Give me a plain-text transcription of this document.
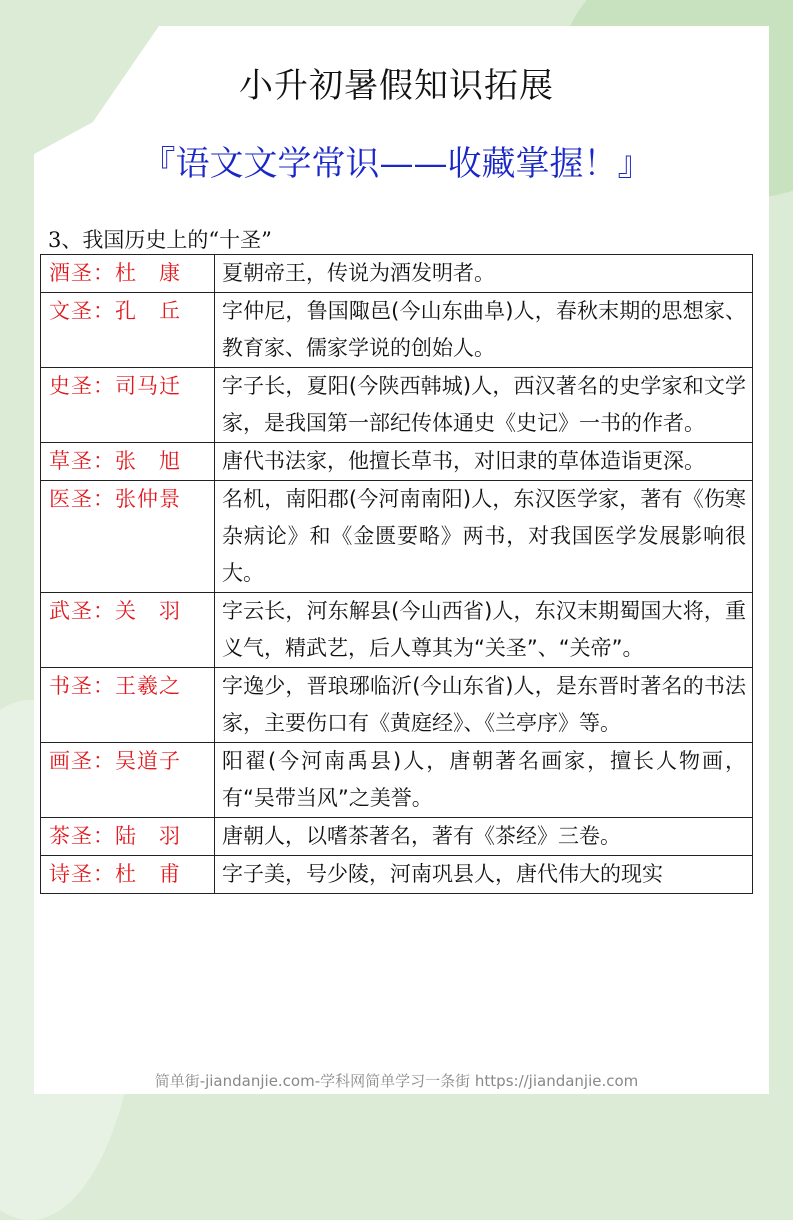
小升初暑假知识拓展
『语文文学常识——收藏掌握！』
3、我国历史上的“十圣”
酒圣：杜　康	夏朝帝王，传说为酒发明者。
文圣：孔　丘	字仲尼，鲁国陬邑(今山东曲阜)人，春秋末期的思想家、教育家、儒家学说的创始人。
史圣：司马迁	字子长，夏阳(今陕西韩城)人，西汉著名的史学家和文学家，是我国第一部纪传体通史《史记》一书的作者。
草圣：张　旭	唐代书法家，他擅长草书，对旧隶的草体造诣更深。
医圣：张仲景	名机，南阳郡(今河南南阳)人，东汉医学家，著有《伤寒杂病论》和《金匮要略》两书，对我国医学发展影响很大。
武圣：关　羽	字云长，河东解县(今山西省)人，东汉末期蜀国大将，重义气，精武艺，后人尊其为“关圣”、“关帝”。
书圣：王羲之	字逸少，晋琅琊临沂(今山东省)人，是东晋时著名的书法家，主要伤口有《黄庭经》、《兰亭序》等。
画圣：吴道子	阳翟(今河南禹县)人，唐朝著名画家，擅长人物画，有“吴带当风”之美誉。
茶圣：陆　羽	唐朝人，以嗜茶著名，著有《茶经》三卷。
诗圣：杜　甫	字子美，号少陵，河南巩县人，唐代伟大的现实
简单街-jiandanjie.com-学科网简单学习一条街 https://jiandanjie.com
